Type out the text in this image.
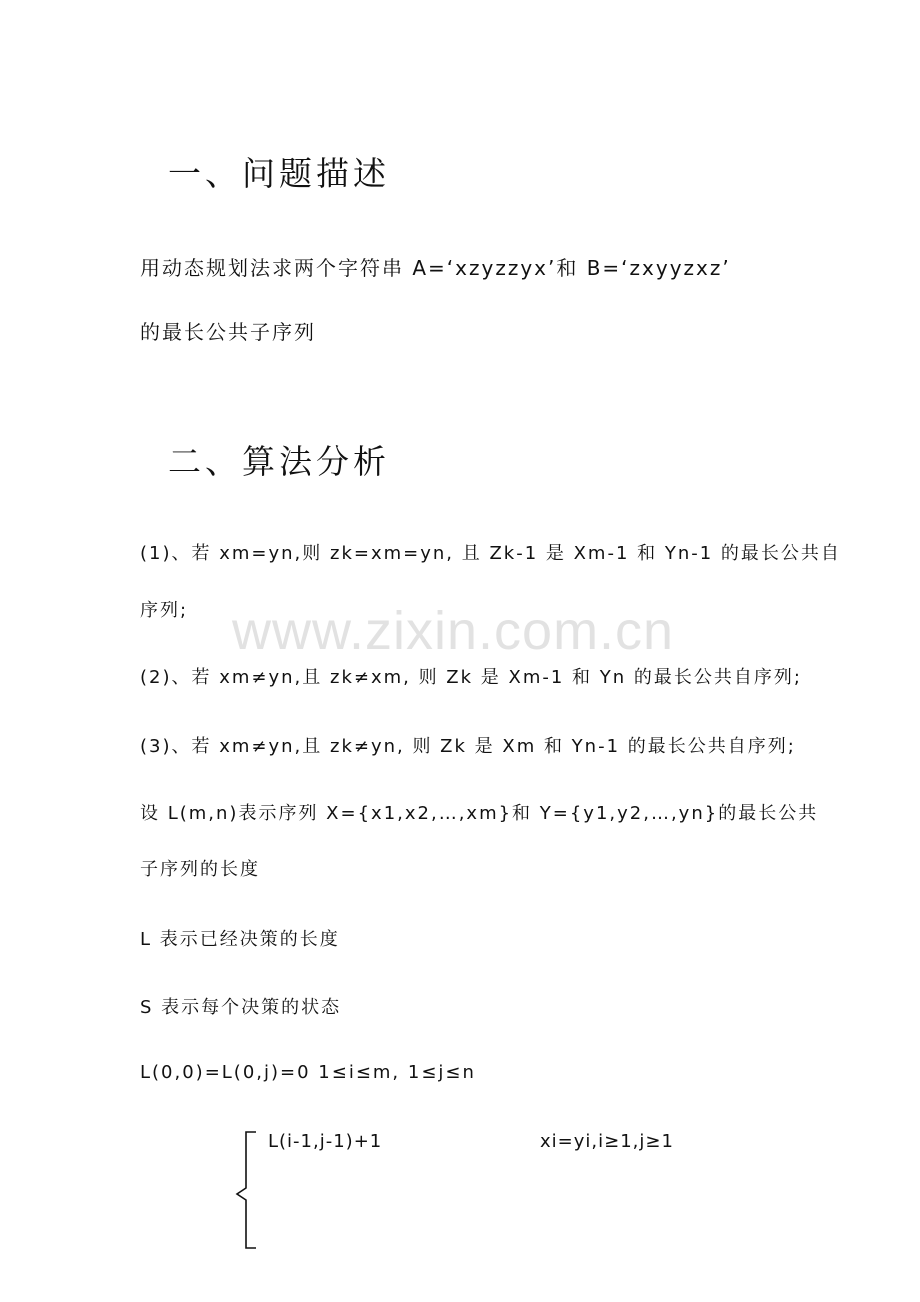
一、问题描述
用动态规划法求两个字符串 A=‘xzyzzyx’和 B=‘zxyyzxz’
的最长公共子序列
二、算法分析
(1)、若 xm=yn,则 zk=xm=yn, 且 Zk-1 是 Xm-1 和 Yn-1 的最长公共自
序列; www.zixin.com.cn
(2)、若 xm≠yn,且 zk≠xm, 则 Zk 是 Xm-1 和 Yn 的最长公共自序列;
(3)、若 xm≠yn,且 zk≠yn, 则 Zk 是 Xm 和 Yn-1 的最长公共自序列;
设 L(m,n)表示序列 X={x1,x2,…,xm}和 Y={y1,y2,…,yn}的最长公共
子序列的长度
L 表示已经决策的长度
S 表示每个决策的状态
L(0,0)=L(0,j)=0 1≤i≤m, 1≤j≤n
L(i-1,j-1)+1	xi=yi,i≥1,j≥1
